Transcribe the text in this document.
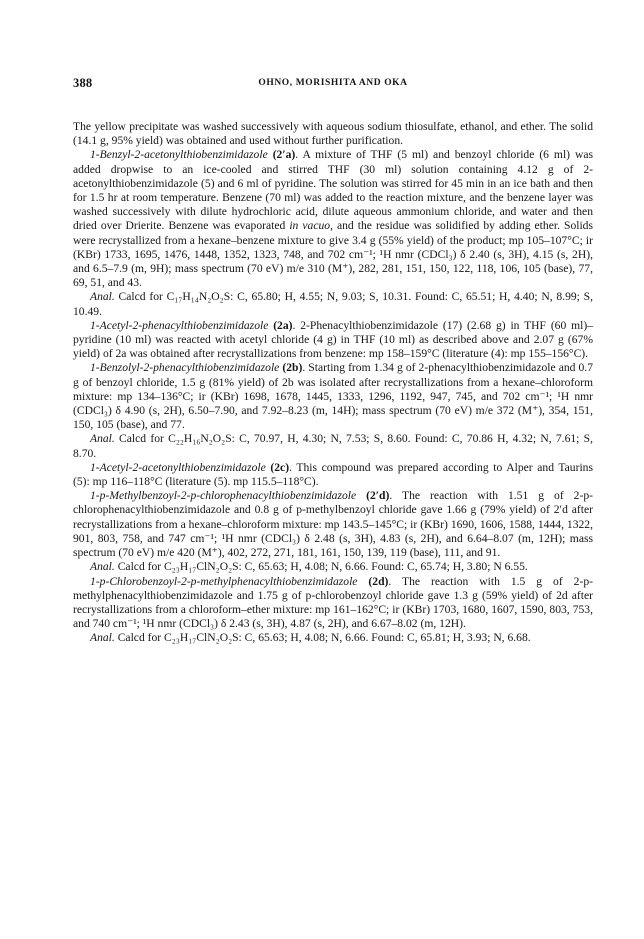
388	OHNO, MORISHITA AND OKA

The yellow precipitate was washed successively with aqueous sodium thiosulfate, ethanol, and ether. The solid (14.1 g, 95% yield) was obtained and used without further purification.

1-Benzyl-2-acetonylthiobenzimidazole (2′a). A mixture of THF (5 ml) and benzoyl chloride (6 ml) was added dropwise to an ice-cooled and stirred THF (30 ml) solution containing 4.12 g of 2-acetonylthiobenzimidazole (5) and 6 ml of pyridine. The solution was stirred for 45 min in an ice bath and then for 1.5 hr at room temperature. Benzene (70 ml) was added to the reaction mixture, and the benzene layer was washed successively with dilute hydrochloric acid, dilute aqueous ammonium chloride, and water and then dried over Drierite. Benzene was evaporated in vacuo, and the residue was solidified by adding ether. Solids were recrystallized from a hexane–benzene mixture to give 3.4 g (55% yield) of the product; mp 105–107°C; ir (KBr) 1733, 1695, 1476, 1448, 1352, 1323, 748, and 702 cm⁻¹; ¹H nmr (CDCl₃) δ 2.40 (s, 3H), 4.15 (s, 2H), and 6.5–7.9 (m, 9H); mass spectrum (70 eV) m/e 310 (M⁺), 282, 281, 151, 150, 122, 118, 106, 105 (base), 77, 69, 51, and 43.

Anal. Calcd for C₁₇H₁₄N₂O₂S: C, 65.80; H, 4.55; N, 9.03; S, 10.31. Found: C, 65.51; H, 4.40; N, 8.99; S, 10.49.

1-Acetyl-2-phenacylthiobenzimidazole (2a). 2-Phenacylthiobenzimidazole (17) (2.68 g) in THF (60 ml)–pyridine (10 ml) was reacted with acetyl chloride (4 g) in THF (10 ml) as described above and 2.07 g (67% yield) of 2a was obtained after recrystallizations from benzene: mp 158–159°C (literature (4): mp 155–156°C).

1-Benzolyl-2-phenacylthiobenzimidazole (2b). Starting from 1.34 g of 2-phenacylthiobenzimidazole and 0.7 g of benzoyl chloride, 1.5 g (81% yield) of 2b was isolated after recrystallizations from a hexane–chloroform mixture: mp 134–136°C; ir (KBr) 1698, 1678, 1445, 1333, 1296, 1192, 947, 745, and 702 cm⁻¹; ¹H nmr (CDCl₃) δ 4.90 (s, 2H), 6.50–7.90, and 7.92–8.23 (m, 14H); mass spectrum (70 eV) m/e 372 (M⁺), 354, 151, 150, 105 (base), and 77.

Anal. Calcd for C₂₂H₁₆N₂O₂S: C, 70.97, H, 4.30; N, 7.53; S, 8.60. Found: C, 70.86 H, 4.32; N, 7.61; S, 8.70.

1-Acetyl-2-acetonylthiobenzimidazole (2c). This compound was prepared according to Alper and Taurins (5): mp 116–118°C (literature (5). mp 115.5–118°C).

1-p-Methylbenzoyl-2-p-chlorophenacylthiobenzimidazole (2′d). The reaction with 1.51 g of 2-p-chlorophenacylthiobenzimidazole and 0.8 g of p-methylbenzoyl chloride gave 1.66 g (79% yield) of 2′d after recrystallizations from a hexane–chloroform mixture: mp 143.5–145°C; ir (KBr) 1690, 1606, 1588, 1444, 1322, 901, 803, 758, and 747 cm⁻¹; ¹H nmr (CDCl₃) δ 2.48 (s, 3H), 4.83 (s, 2H), and 6.64–8.07 (m, 12H); mass spectrum (70 eV) m/e 420 (M⁺), 402, 272, 271, 181, 161, 150, 139, 119 (base), 111, and 91.

Anal. Calcd for C₂₃H₁₇ClN₂O₂S: C, 65.63; H, 4.08; N, 6.66. Found: C, 65.74; H, 3.80; N 6.55.

1-p-Chlorobenzoyl-2-p-methylphenacylthiobenzimidazole (2d). The reaction with 1.5 g of 2-p-methylphenacylthiobenzimidazole and 1.75 g of p-chlorobenzoyl chloride gave 1.3 g (59% yield) of 2d after recrystallizations from a chloroform–ether mixture: mp 161–162°C; ir (KBr) 1703, 1680, 1607, 1590, 803, 753, and 740 cm⁻¹; ¹H nmr (CDCl₃) δ 2.43 (s, 3H), 4.87 (s, 2H), and 6.67–8.02 (m, 12H).

Anal. Calcd for C₂₃H₁₇ClN₂O₂S: C, 65.63; H, 4.08; N, 6.66. Found: C, 65.81; H, 3.93; N, 6.68.
